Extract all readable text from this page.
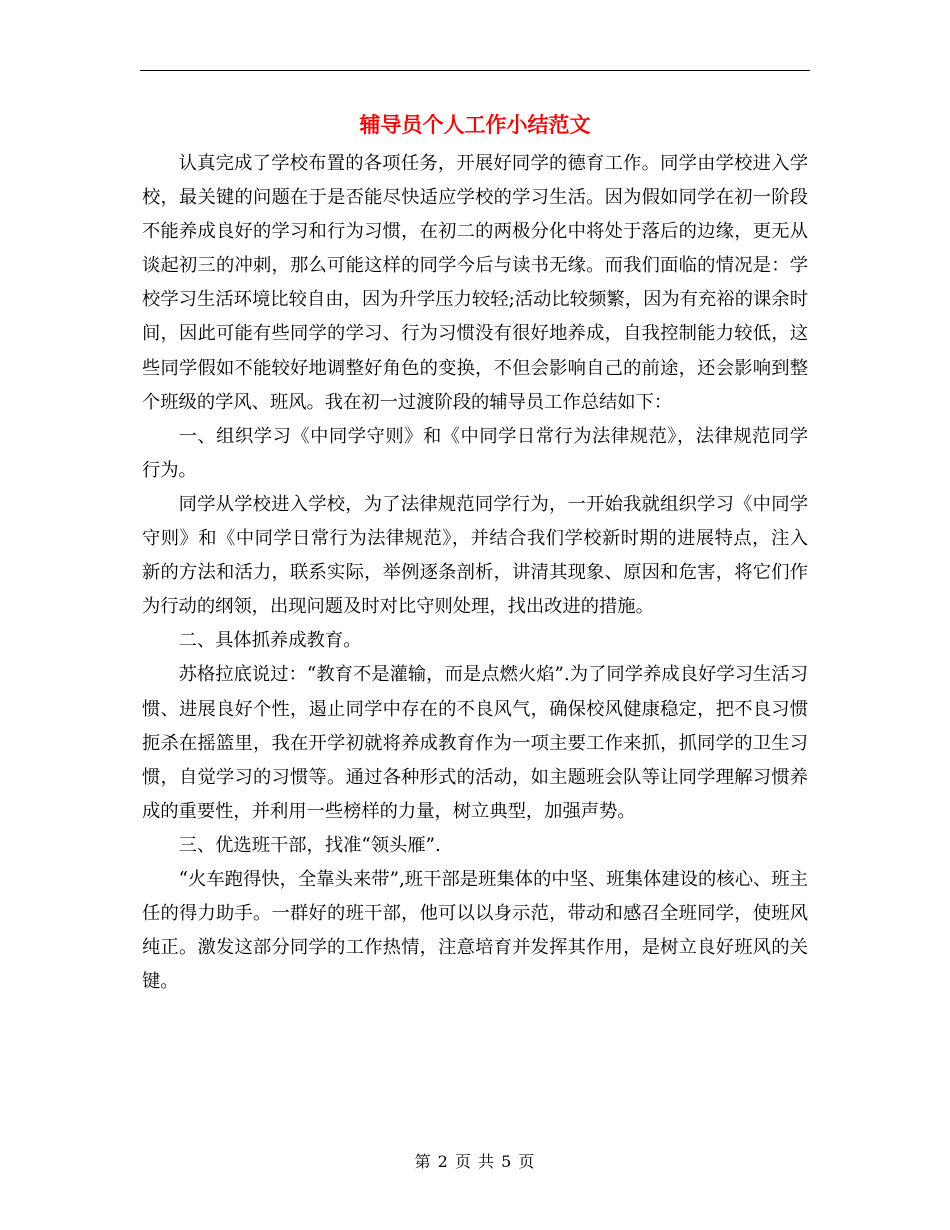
辅导员个人工作小结范文

认真完成了学校布置的各项任务，开展好同学的德育工作。同学由学校进入学校，最关键的问题在于是否能尽快适应学校的学习生活。因为假如同学在初一阶段不能养成良好的学习和行为习惯，在初二的两极分化中将处于落后的边缘，更无从谈起初三的冲刺，那么可能这样的同学今后与读书无缘。而我们面临的情况是：学校学习生活环境比较自由，因为升学压力较轻;活动比较频繁，因为有充裕的课余时间，因此可能有些同学的学习、行为习惯没有很好地养成，自我控制能力较低，这些同学假如不能较好地调整好角色的变换，不但会影响自己的前途，还会影响到整个班级的学风、班风。我在初一过渡阶段的辅导员工作总结如下：

一、组织学习《中同学守则》和《中同学日常行为法律规范》，法律规范同学行为。

同学从学校进入学校，为了法律规范同学行为，一开始我就组织学习《中同学守则》和《中同学日常行为法律规范》，并结合我们学校新时期的进展特点，注入新的方法和活力，联系实际，举例逐条剖析，讲清其现象、原因和危害，将它们作为行动的纲领，出现问题及时对比守则处理，找出改进的措施。

二、具体抓养成教育。

苏格拉底说过：“教育不是灌输，而是点燃火焰”.为了同学养成良好学习生活习惯、进展良好个性，遏止同学中存在的不良风气，确保校风健康稳定，把不良习惯扼杀在摇篮里，我在开学初就将养成教育作为一项主要工作来抓，抓同学的卫生习惯，自觉学习的习惯等。通过各种形式的活动，如主题班会队等让同学理解习惯养成的重要性，并利用一些榜样的力量，树立典型，加强声势。

三、优选班干部，找准“领头雁”.

“火车跑得快，全靠头来带”,班干部是班集体的中坚、班集体建设的核心、班主任的得力助手。一群好的班干部，他可以以身示范，带动和感召全班同学，使班风纯正。激发这部分同学的工作热情，注意培育并发挥其作用，是树立良好班风的关键。

第 2 页 共 5 页
